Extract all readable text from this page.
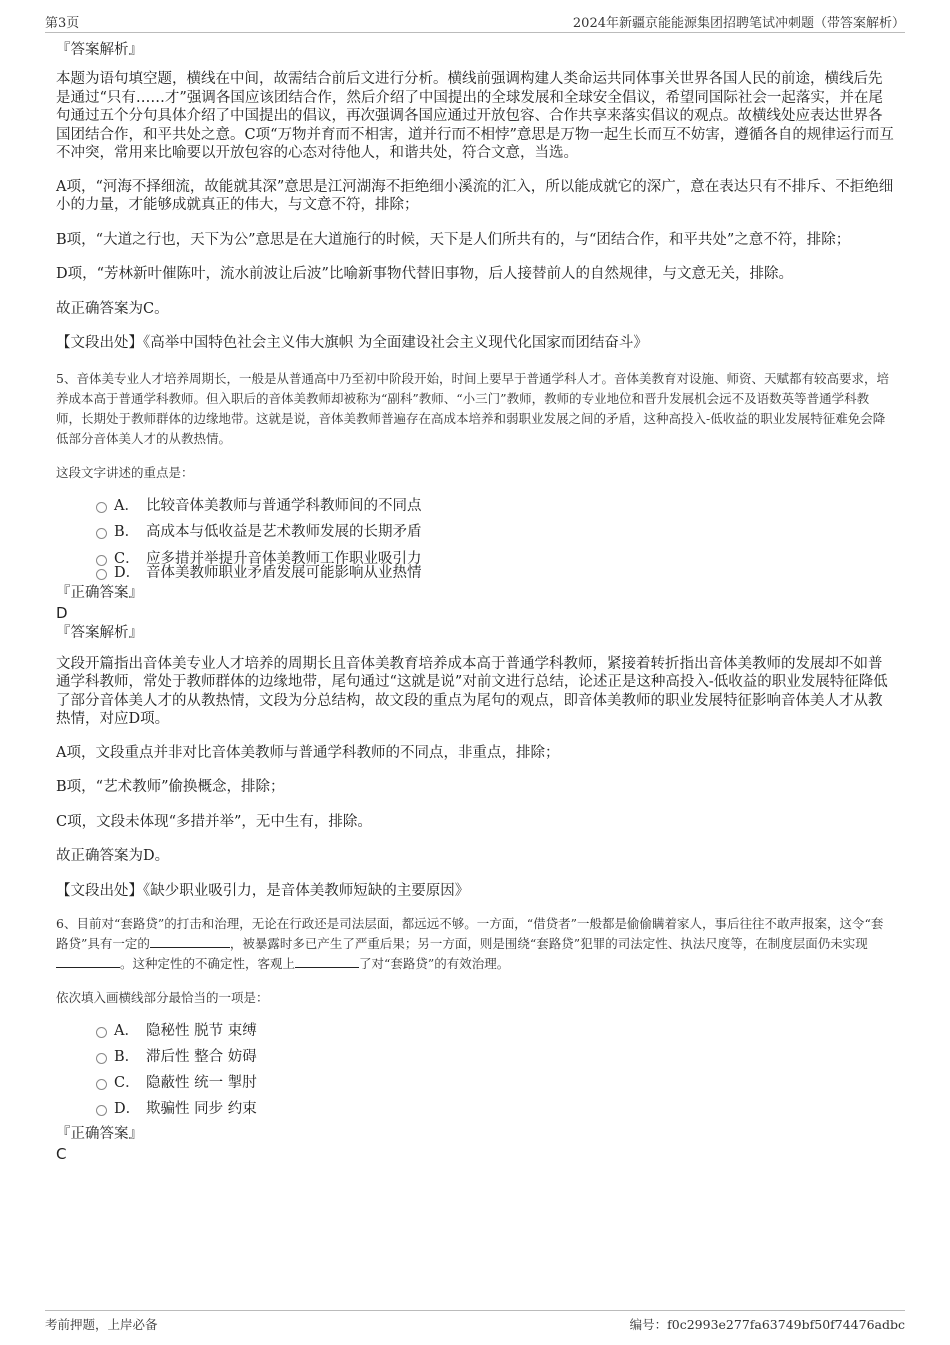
第3页	2024年新疆京能能源集团招聘笔试冲刺题（带答案解析）

『答案解析』

本题为语句填空题，横线在中间，故需结合前后文进行分析。横线前强调构建人类命运共同体事关世界各国人民的前途，横线后先是通过“只有……才”强调各国应该团结合作，然后介绍了中国提出的全球发展和全球安全倡议，希望同国际社会一起落实，并在尾句通过五个分句具体介绍了中国提出的倡议，再次强调各国应通过开放包容、合作共享来落实倡议的观点。故横线处应表达世界各国团结合作，和平共处之意。C项“万物并育而不相害，道并行而不相悖”意思是万物一起生长而互不妨害，遵循各自的规律运行而互不冲突，常用来比喻要以开放包容的心态对待他人，和谐共处，符合文意，当选。

A项，“河海不择细流，故能就其深”意思是江河湖海不拒绝细小溪流的汇入，所以能成就它的深广，意在表达只有不排斥、不拒绝细小的力量，才能够成就真正的伟大，与文意不符，排除；

B项，“大道之行也，天下为公”意思是在大道施行的时候，天下是人们所共有的，与“团结合作，和平共处”之意不符，排除；

D项，“芳林新叶催陈叶，流水前波让后波”比喻新事物代替旧事物，后人接替前人的自然规律，与文意无关，排除。

故正确答案为C。

【文段出处】《高举中国特色社会主义伟大旗帜 为全面建设社会主义现代化国家而团结奋斗》

5、音体美专业人才培养周期长，一般是从普通高中乃至初中阶段开始，时间上要早于普通学科人才。音体美教育对设施、师资、天赋都有较高要求，培养成本高于普通学科教师。但入职后的音体美教师却被称为“副科”教师、“小三门”教师，教师的专业地位和晋升发展机会远不及语数英等普通学科教师，长期处于教师群体的边缘地带。这就是说，音体美教师普遍存在高成本培养和弱职业发展之间的矛盾，这种高投入-低收益的职业发展特征难免会降低部分音体美人才的从教热情。

这段文字讲述的重点是：

A． 比较音体美教师与普通学科教师间的不同点
B． 高成本与低收益是艺术教师发展的长期矛盾
C． 应多措并举提升音体美教师工作职业吸引力
D． 音体美教师职业矛盾发展可能影响从业热情

『正确答案』

D

『答案解析』

文段开篇指出音体美专业人才培养的周期长且音体美教育培养成本高于普通学科教师，紧接着转折指出音体美教师的发展却不如普通学科教师，常处于教师群体的边缘地带，尾句通过“这就是说”对前文进行总结，论述正是这种高投入-低收益的职业发展特征降低了部分音体美人才的从教热情，文段为分总结构，故文段的重点为尾句的观点，即音体美教师的职业发展特征影响音体美人才从教热情，对应D项。

A项，文段重点并非对比音体美教师与普通学科教师的不同点，非重点，排除；

B项，“艺术教师”偷换概念，排除；

C项，文段未体现“多措并举”，无中生有，排除。

故正确答案为D。

【文段出处】《缺少职业吸引力，是音体美教师短缺的主要原因》

6、目前对“套路贷”的打击和治理，无论在行政还是司法层面，都远远不够。一方面，“借贷者”一般都是偷偷瞒着家人，事后往往不敢声报案，这令“套路贷”具有一定的	，被暴露时多已产生了严重后果；另一方面，则是围绕“套路贷”犯罪的司法定性、执法尺度等，在制度层面仍未实现。这种定性的不确定性，客观上	了对“套路贷”的有效治理。

依次填入画横线部分最恰当的一项是：

A． 隐秘性 脱节 束缚
B． 滞后性 整合 妨碍
C． 隐蔽性 统一 掣肘
D． 欺骗性 同步 约束

『正确答案』

C

考前押题，上岸必备	编号：f0c2993e277fa63749bf50f74476adbc
